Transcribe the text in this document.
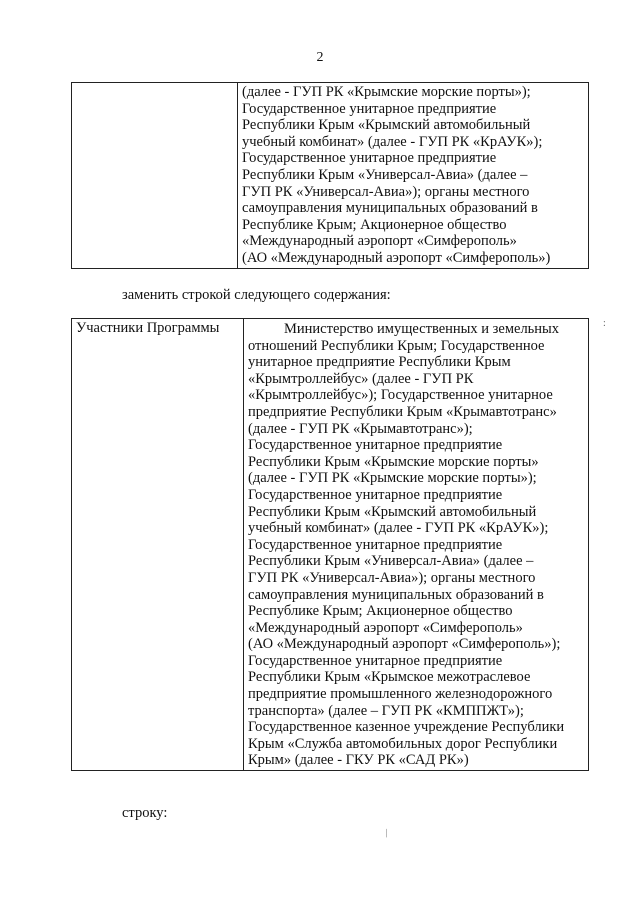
2

(далее - ГУП РК «Крымские морские порты»);
Государственное унитарное предприятие
Республики Крым «Крымский автомобильный
учебный комбинат» (далее - ГУП РК «КрАУК»);
Государственное унитарное предприятие
Республики Крым «Универсал-Авиа» (далее –
ГУП РК «Универсал-Авиа»); органы местного
самоуправления муниципальных образований в
Республике Крым; Акционерное общество
«Международный аэропорт «Симферополь»
(АО «Международный аэропорт «Симферополь»)
заменить строкой следующего содержания:
:
Участники Программы	Министерство имущественных и земельных
отношений Республики Крым; Государственное
унитарное предприятие Республики Крым
«Крымтроллейбус» (далее - ГУП РК
«Крымтроллейбус»); Государственное унитарное
предприятие Республики Крым «Крымавтотранс»
(далее - ГУП РК «Крымавтотранс»);
Государственное унитарное предприятие
Республики Крым «Крымские морские порты»
(далее - ГУП РК «Крымские морские порты»);
Государственное унитарное предприятие
Республики Крым «Крымский автомобильный
учебный комбинат» (далее - ГУП РК «КрАУК»);
Государственное унитарное предприятие
Республики Крым «Универсал-Авиа» (далее –
ГУП РК «Универсал-Авиа»); органы местного
самоуправления муниципальных образований в
Республике Крым; Акционерное общество
«Международный аэропорт «Симферополь»
(АО «Международный аэропорт «Симферополь»);
Государственное унитарное предприятие
Республики Крым «Крымское межотраслевое
предприятие промышленного железнодорожного
транспорта» (далее – ГУП РК «КМППЖТ»);
Государственное казенное учреждение Республики
Крым «Служба автомобильных дорог Республики
Крым» (далее - ГКУ РК «САД РК»)
строку:
/
